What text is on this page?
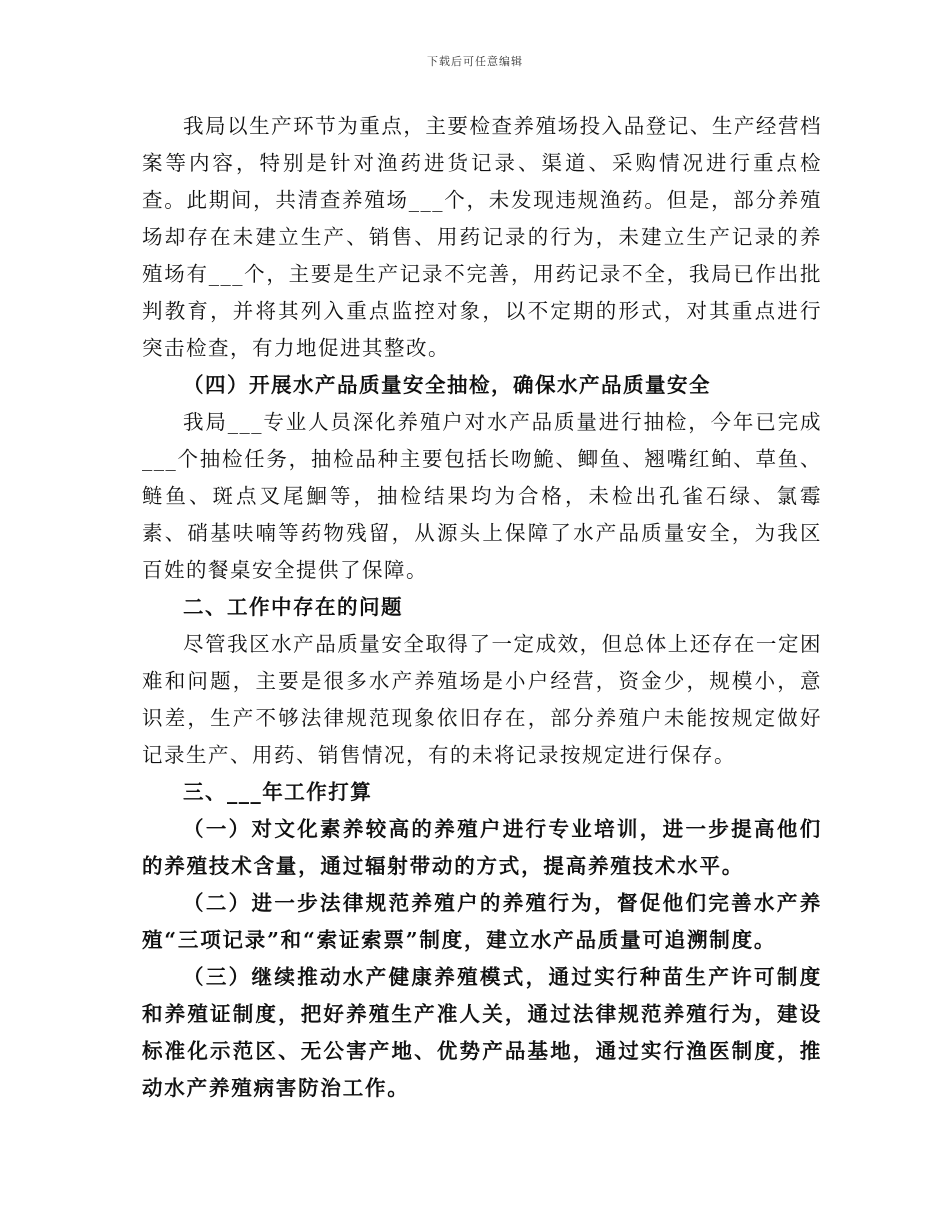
下载后可任意编辑

我局以生产环节为重点，主要检查养殖场投入品登记、生产经营档案等内容，特别是针对渔药进货记录、渠道、采购情况进行重点检查。此期间，共清查养殖场___个，未发现违规渔药。但是，部分养殖场却存在未建立生产、销售、用药记录的行为，未建立生产记录的养殖场有___个，主要是生产记录不完善，用药记录不全，我局已作出批判教育，并将其列入重点监控对象，以不定期的形式，对其重点进行突击检查，有力地促进其整改。

（四）开展水产品质量安全抽检，确保水产品质量安全

我局___专业人员深化养殖户对水产品质量进行抽检，今年已完成___个抽检任务，抽检品种主要包括长吻鮠、鲫鱼、翘嘴红鲌、草鱼、鲢鱼、斑点叉尾鮰等，抽检结果均为合格，未检出孔雀石绿、氯霉素、硝基呋喃等药物残留，从源头上保障了水产品质量安全，为我区百姓的餐桌安全提供了保障。

二、工作中存在的问题

尽管我区水产品质量安全取得了一定成效，但总体上还存在一定困难和问题，主要是很多水产养殖场是小户经营，资金少，规模小，意识差，生产不够法律规范现象依旧存在，部分养殖户未能按规定做好记录生产、用药、销售情况，有的未将记录按规定进行保存。

三、___年工作打算

（一）对文化素养较高的养殖户进行专业培训，进一步提高他们的养殖技术含量，通过辐射带动的方式，提高养殖技术水平。

（二）进一步法律规范养殖户的养殖行为，督促他们完善水产养殖“三项记录”和“索证索票”制度，建立水产品质量可追溯制度。

（三）继续推动水产健康养殖模式，通过实行种苗生产许可制度和养殖证制度，把好养殖生产准人关，通过法律规范养殖行为，建设标准化示范区、无公害产地、优势产品基地，通过实行渔医制度，推动水产养殖病害防治工作。
